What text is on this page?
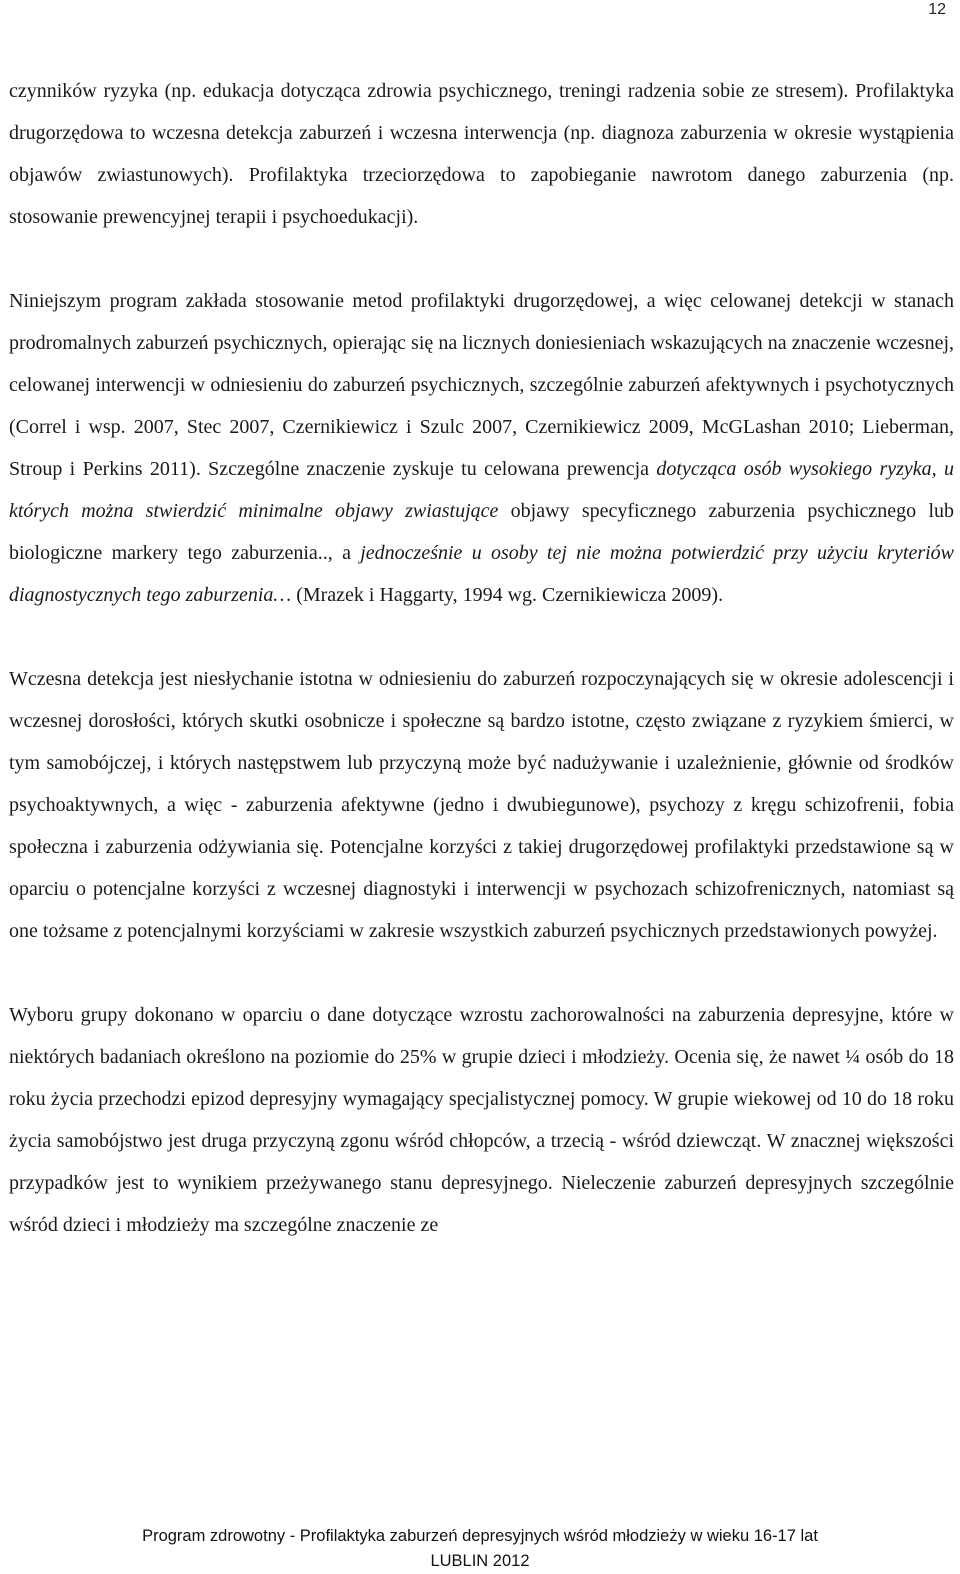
12

czynników ryzyka (np. edukacja dotycząca zdrowia psychicznego, treningi radzenia sobie ze stresem). Profilaktyka drugorzędowa to wczesna detekcja zaburzeń i wczesna interwencja (np. diagnoza zaburzenia w okresie wystąpienia objawów zwiastunowych). Profilaktyka trzeciorzędowa to zapobieganie nawrotom danego zaburzenia (np. stosowanie prewencyjnej terapii i psychoedukacji).

Niniejszym program zakłada stosowanie metod profilaktyki drugorzędowej, a więc celowanej detekcji w stanach prodromalnych zaburzeń psychicznych, opierając się na licznych doniesieniach wskazujących na znaczenie wczesnej, celowanej interwencji w odniesieniu do zaburzeń psychicznych, szczególnie zaburzeń afektywnych i psychotycznych (Correl i wsp. 2007, Stec 2007, Czernikiewicz i Szulc 2007, Czernikiewicz 2009, McGLashan 2010; Lieberman, Stroup i Perkins 2011). Szczególne znaczenie zyskuje tu celowana prewencja dotycząca osób wysokiego ryzyka, u których można stwierdzić minimalne objawy zwiastujące objawy specyficznego zaburzenia psychicznego lub biologiczne markery tego zaburzenia.., a jednocześnie u osoby tej nie można potwierdzić przy użyciu kryteriów diagnostycznych tego zaburzenia… (Mrazek i Haggarty, 1994 wg. Czernikiewicza 2009).

Wczesna detekcja jest niesłychanie istotna w odniesieniu do zaburzeń rozpoczynających się w okresie adolescencji i wczesnej dorosłości, których skutki osobnicze i społeczne są bardzo istotne, często związane z ryzykiem śmierci, w tym samobójczej, i których następstwem lub przyczyną może być nadużywanie i uzależnienie, głównie od środków psychoaktywnych, a więc - zaburzenia afektywne (jedno i dwubiegunowe), psychozy z kręgu schizofrenii, fobia społeczna i zaburzenia odżywiania się. Potencjalne korzyści z takiej drugorzędowej profilaktyki przedstawione są w oparciu o potencjalne korzyści z wczesnej diagnostyki i interwencji w psychozach schizofrenicznych, natomiast są one tożsame z potencjalnymi korzyściami w zakresie wszystkich zaburzeń psychicznych przedstawionych powyżej.

Wyboru grupy dokonano w oparciu o dane dotyczące wzrostu zachorowalności na zaburzenia depresyjne, które w niektórych badaniach określono na poziomie do 25% w grupie dzieci i młodzieży. Ocenia się, że nawet ¼ osób do 18 roku życia przechodzi epizod depresyjny wymagający specjalistycznej pomocy. W grupie wiekowej od 10 do 18 roku życia samobójstwo jest druga przyczyną zgonu wśród chłopców, a trzecią - wśród dziewcząt. W znacznej większości przypadków jest to wynikiem przeżywanego stanu depresyjnego. Nieleczenie zaburzeń depresyjnych szczególnie wśród dzieci i młodzieży ma szczególne znaczenie ze

Program zdrowotny - Profilaktyka zaburzeń depresyjnych wśród młodzieży w wieku 16-17 lat
LUBLIN 2012
